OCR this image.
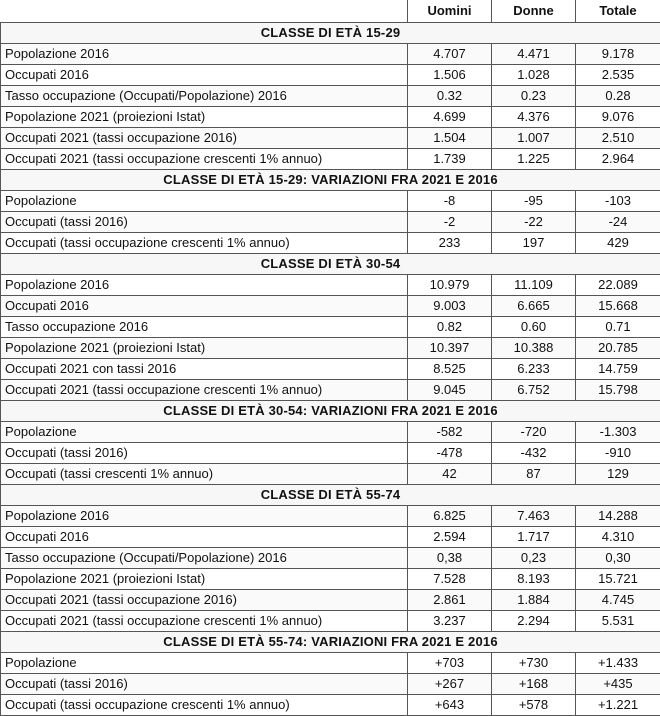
	Uomini	Donne	Totale
CLASSE DI ETÀ 15-29			
Popolazione 2016	4.707	4.471	9.178
Occupati 2016	1.506	1.028	2.535
Tasso occupazione (Occupati/Popolazione) 2016	0.32	0.23	0.28
Popolazione 2021 (proiezioni Istat)	4.699	4.376	9.076
Occupati 2021 (tassi occupazione 2016)	1.504	1.007	2.510
Occupati 2021 (tassi occupazione crescenti 1% annuo)	1.739	1.225	2.964
CLASSE DI ETÀ 15-29: VARIAZIONI FRA 2021 E 2016			
Popolazione	-8	-95	-103
Occupati (tassi 2016)	-2	-22	-24
Occupati (tassi occupazione crescenti 1% annuo)	233	197	429
CLASSE DI ETÀ 30-54			
Popolazione 2016	10.979	11.109	22.089
Occupati 2016	9.003	6.665	15.668
Tasso occupazione 2016	0.82	0.60	0.71
Popolazione 2021 (proiezioni Istat)	10.397	10.388	20.785
Occupati 2021 con tassi 2016	8.525	6.233	14.759
Occupati 2021 (tassi occupazione crescenti 1% annuo)	9.045	6.752	15.798
CLASSE DI ETÀ 30-54: VARIAZIONI FRA 2021 E 2016			
Popolazione	-582	-720	-1.303
Occupati (tassi 2016)	-478	-432	-910
Occupati (tassi crescenti 1% annuo)	42	87	129
CLASSE DI ETÀ 55-74			
Popolazione 2016	6.825	7.463	14.288
Occupati 2016	2.594	1.717	4.310
Tasso occupazione (Occupati/Popolazione) 2016	0,38	0,23	0,30
Popolazione 2021 (proiezioni Istat)	7.528	8.193	15.721
Occupati 2021 (tassi occupazione 2016)	2.861	1.884	4.745
Occupati 2021 (tassi occupazione crescenti 1% annuo)	3.237	2.294	5.531
CLASSE DI ETÀ 55-74: VARIAZIONI FRA 2021 E 2016			
Popolazione	+703	+730	+1.433
Occupati (tassi 2016)	+267	+168	+435
Occupati (tassi occupazione crescenti 1% annuo)	+643	+578	+1.221
